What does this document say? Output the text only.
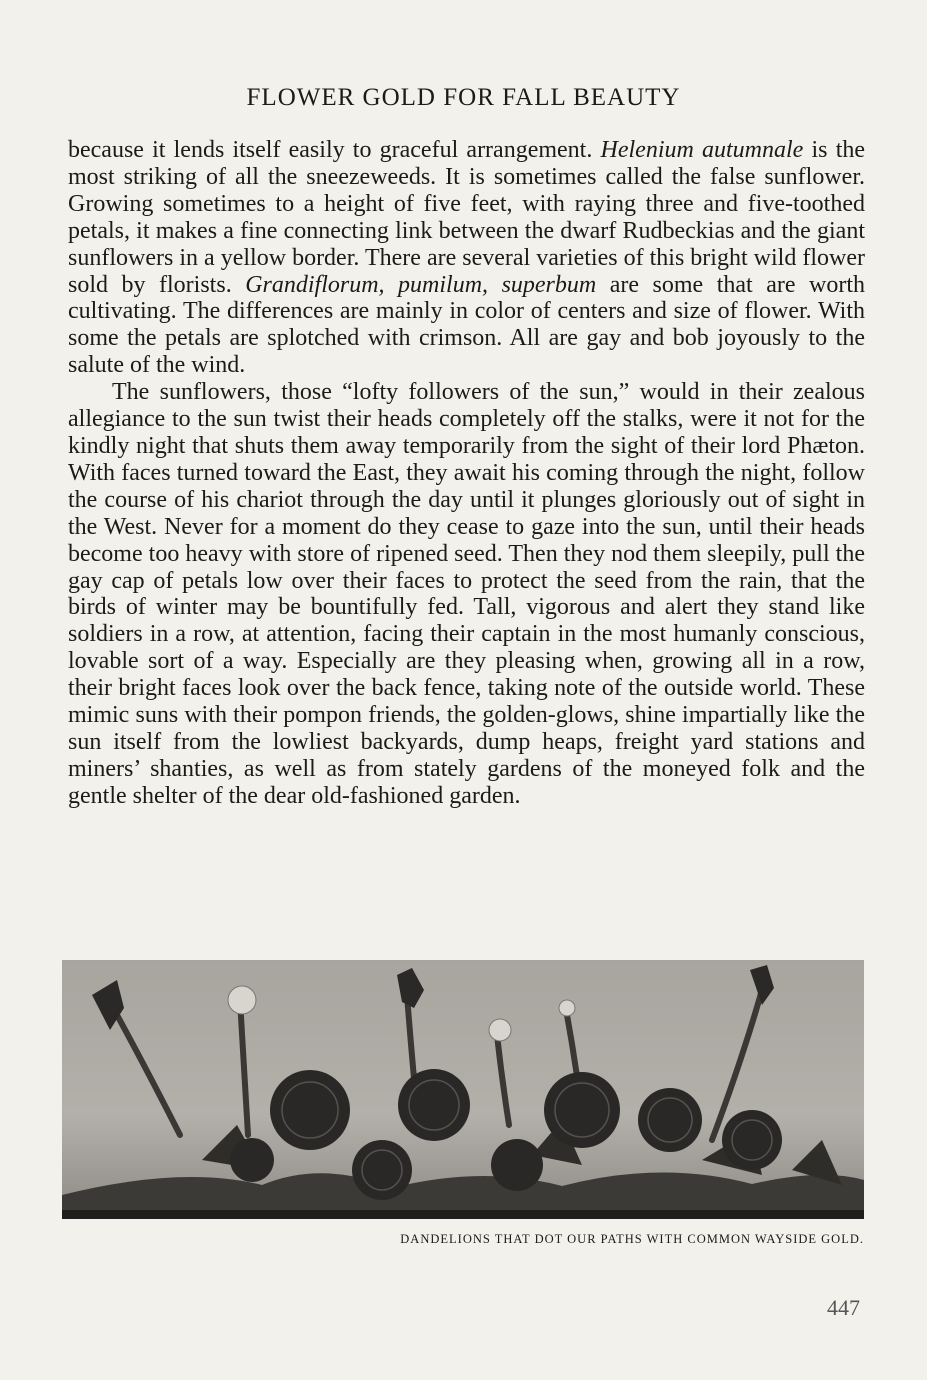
FLOWER GOLD FOR FALL BEAUTY

because it lends itself easily to graceful arrangement. Helenium autumnale is the most striking of all the sneezeweeds. It is sometimes called the false sunflower. Growing sometimes to a height of five feet, with raying three and five-toothed petals, it makes a fine connecting link between the dwarf Rudbeckias and the giant sunflowers in a yellow border. There are several varieties of this bright wild flower sold by florists. Grandiflorum, pumilum, superbum are some that are worth cultivating. The differences are mainly in color of centers and size of flower. With some the petals are splotched with crimson. All are gay and bob joyously to the salute of the wind.

The sunflowers, those “lofty followers of the sun,” would in their zealous allegiance to the sun twist their heads completely off the stalks, were it not for the kindly night that shuts them away temporarily from the sight of their lord Phæton. With faces turned toward the East, they await his coming through the night, follow the course of his chariot through the day until it plunges gloriously out of sight in the West. Never for a moment do they cease to gaze into the sun, until their heads become too heavy with store of ripened seed. Then they nod them sleepily, pull the gay cap of petals low over their faces to protect the seed from the rain, that the birds of winter may be bountifully fed. Tall, vigorous and alert they stand like soldiers in a row, at attention, facing their captain in the most humanly conscious, lovable sort of a way. Especially are they pleasing when, growing all in a row, their bright faces look over the back fence, taking note of the outside world. These mimic suns with their pompon friends, the golden-glows, shine impartially like the sun itself from the lowliest backyards, dump heaps, freight yard stations and miners’ shanties, as well as from stately gardens of the moneyed folk and the gentle shelter of the dear old-fashioned garden.

DANDELIONS THAT DOT OUR PATHS WITH COMMON WAYSIDE GOLD.
447
